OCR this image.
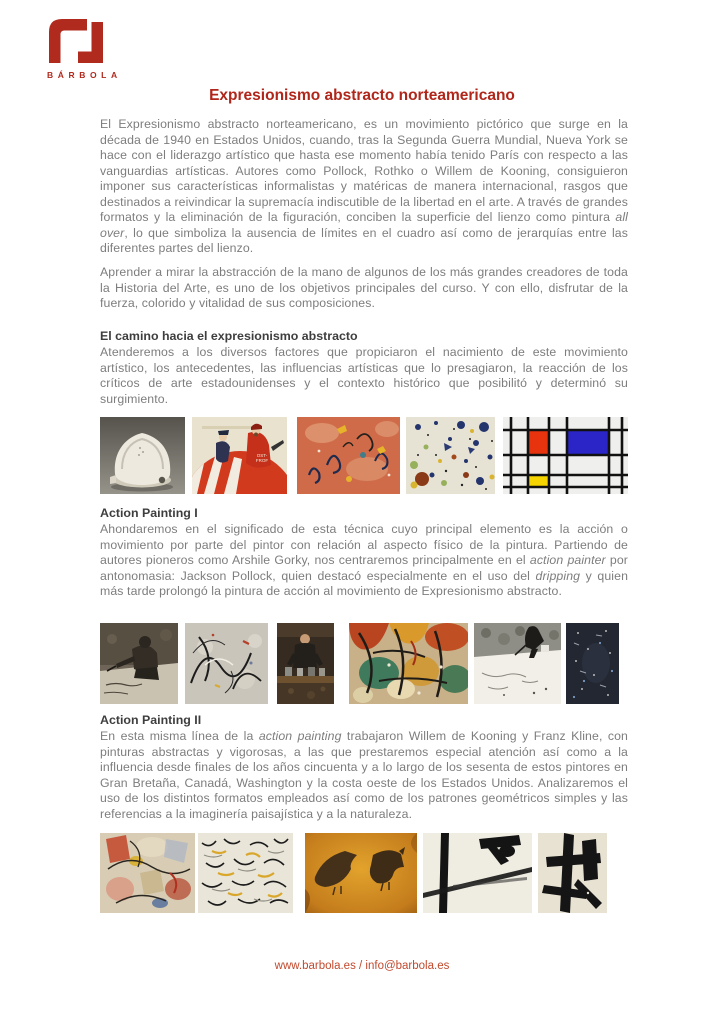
BÁRBOLA
Expresionismo abstracto norteamericano

El Expresionismo abstracto norteamericano, es un movimiento pictórico que surge en la década de 1940 en Estados Unidos, cuando, tras la Segunda Guerra Mundial, Nueva York se hace con el liderazgo artístico que hasta ese momento había tenido París con respecto a las vanguardias artísticas. Autores como Pollock, Rothko o Willem de Kooning, consiguieron imponer sus características informalistas y matéricas de manera internacional, rasgos que destinados a reivindicar la supremacía indiscutible de la libertad en el arte. A través de grandes formatos y la eliminación de la figuración, conciben la superficie del lienzo como pintura all over, lo que simboliza la ausencia de límites en el cuadro así como de jerarquías entre las diferentes partes del lienzo.

Aprender a mirar la abstracción de la mano de algunos de los más grandes creadores de toda la Historia del Arte, es uno de los objetivos principales del curso. Y con ello, disfrutar de la fuerza, colorido y vitalidad de sus composiciones.

El camino hacia el expresionismo abstracto

Atenderemos a los diversos factores que propiciaron el nacimiento de este movimiento artístico, los antecedentes, las influencias artísticas que lo presagiaron, la reacción de los críticos de arte estadounidenses y el contexto histórico que posibilitó y determinó su surgimiento.

OST-
FROF
Action Painting I

Ahondaremos en el significado de esta técnica cuyo principal elemento es la acción o movimiento por parte del pintor con relación al aspecto físico de la pintura. Partiendo de autores pioneros como Arshile Gorky, nos centraremos principalmente en el action painter por antonomasia: Jackson Pollock, quien destacó especialmente en el uso del dripping y quien más tarde prolongó la pintura de acción al movimiento de Expresionismo abstracto.

Action Painting II

En esta misma línea de la action painting trabajaron Willem de Kooning y Franz Kline, con pinturas abstractas y vigorosas, a las que prestaremos especial atención así como a la influencia desde finales de los años cincuenta y a lo largo de los sesenta de estos pintores en Gran Bretaña, Canadá, Washington y la costa oeste de los Estados Unidos. Analizaremos el uso de los distintos formatos empleados así como de los patrones geométricos simples y las referencias a la imaginería paisajística y a la naturaleza.

www.barbola.es / info@barbola.es
